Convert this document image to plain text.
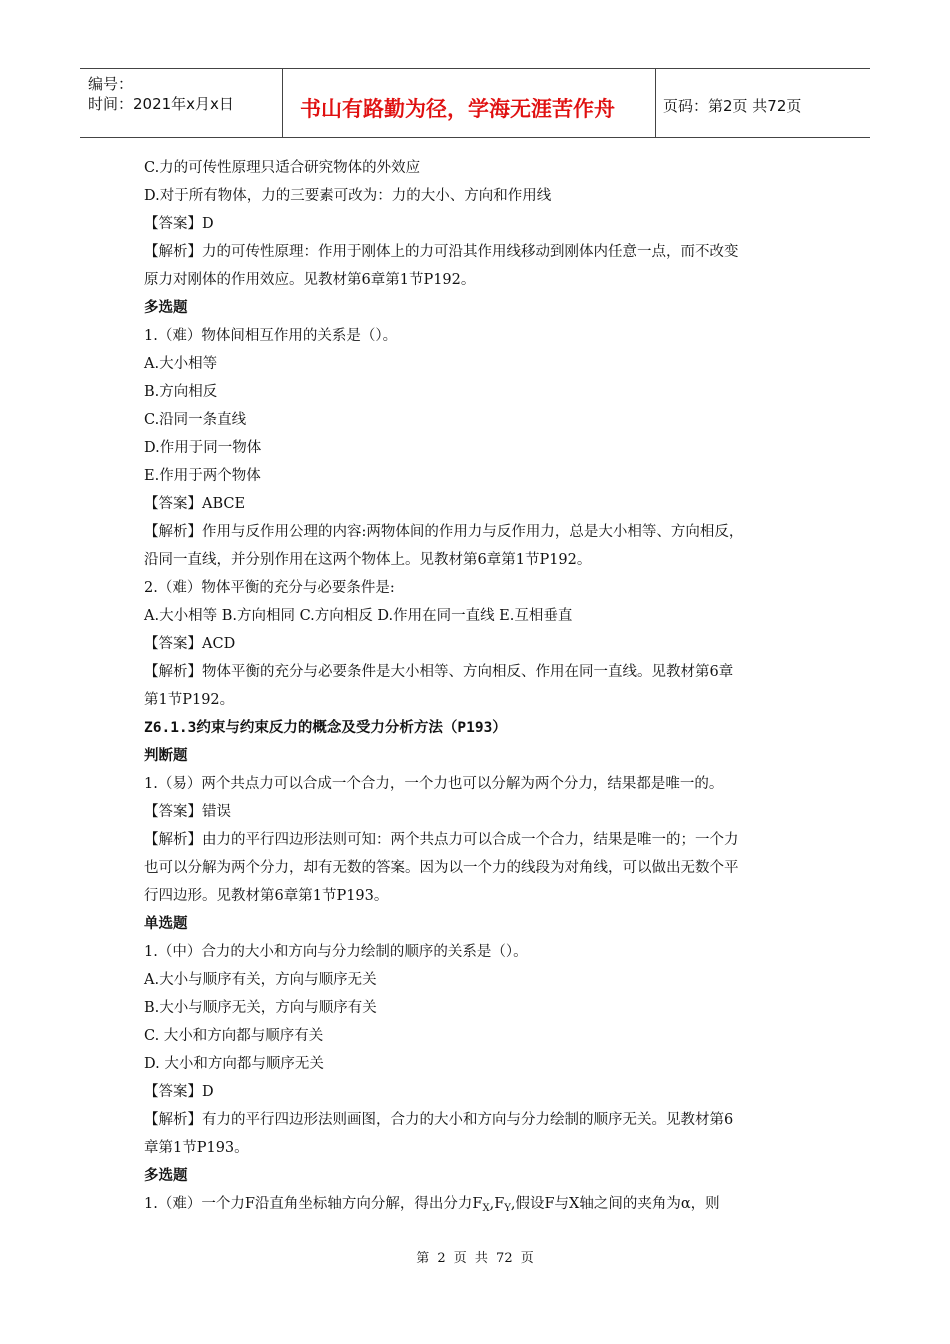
编号：
时间：2021年x月x日	书山有路勤为径，学海无涯苦作舟	页码：第2页 共72页
C.力的可传性原理只适合研究物体的外效应
D.对于所有物体，力的三要素可改为：力的大小、方向和作用线
【答案】D
【解析】力的可传性原理：作用于刚体上的力可沿其作用线移动到刚体内任意一点，而不改变
原力对刚体的作用效应。见教材第6章第1节P192。
多选题
1.（难）物体间相互作用的关系是（）。
A.大小相等
B.方向相反
C.沿同一条直线
D.作用于同一物体
E.作用于两个物体
【答案】ABCE
【解析】作用与反作用公理的内容:两物体间的作用力与反作用力，总是大小相等、方向相反，
沿同一直线，并分别作用在这两个物体上。见教材第6章第1节P192。
2.（难）物体平衡的充分与必要条件是:
A.大小相等 B.方向相同 C.方向相反 D.作用在同一直线 E.互相垂直
【答案】ACD
【解析】物体平衡的充分与必要条件是大小相等、方向相反、作用在同一直线。见教材第6章
第1节P192。
Z6.1.3约束与约束反力的概念及受力分析方法（P193）
判断题
1.（易）两个共点力可以合成一个合力，一个力也可以分解为两个分力，结果都是唯一的。
【答案】错误
【解析】由力的平行四边形法则可知：两个共点力可以合成一个合力，结果是唯一的；一个力
也可以分解为两个分力，却有无数的答案。因为以一个力的线段为对角线，可以做出无数个平
行四边形。见教材第6章第1节P193。
单选题
1.（中）合力的大小和方向与分力绘制的顺序的关系是（）。
A.大小与顺序有关，方向与顺序无关
B.大小与顺序无关，方向与顺序有关
C. 大小和方向都与顺序有关
D. 大小和方向都与顺序无关
【答案】D
【解析】有力的平行四边形法则画图，合力的大小和方向与分力绘制的顺序无关。见教材第6
章第1节P193。
多选题
1.（难）一个力F沿直角坐标轴方向分解，得出分力$F_X,F_Y$,假设F与X轴之间的夹角为α，则
第 2 页 共 72 页
